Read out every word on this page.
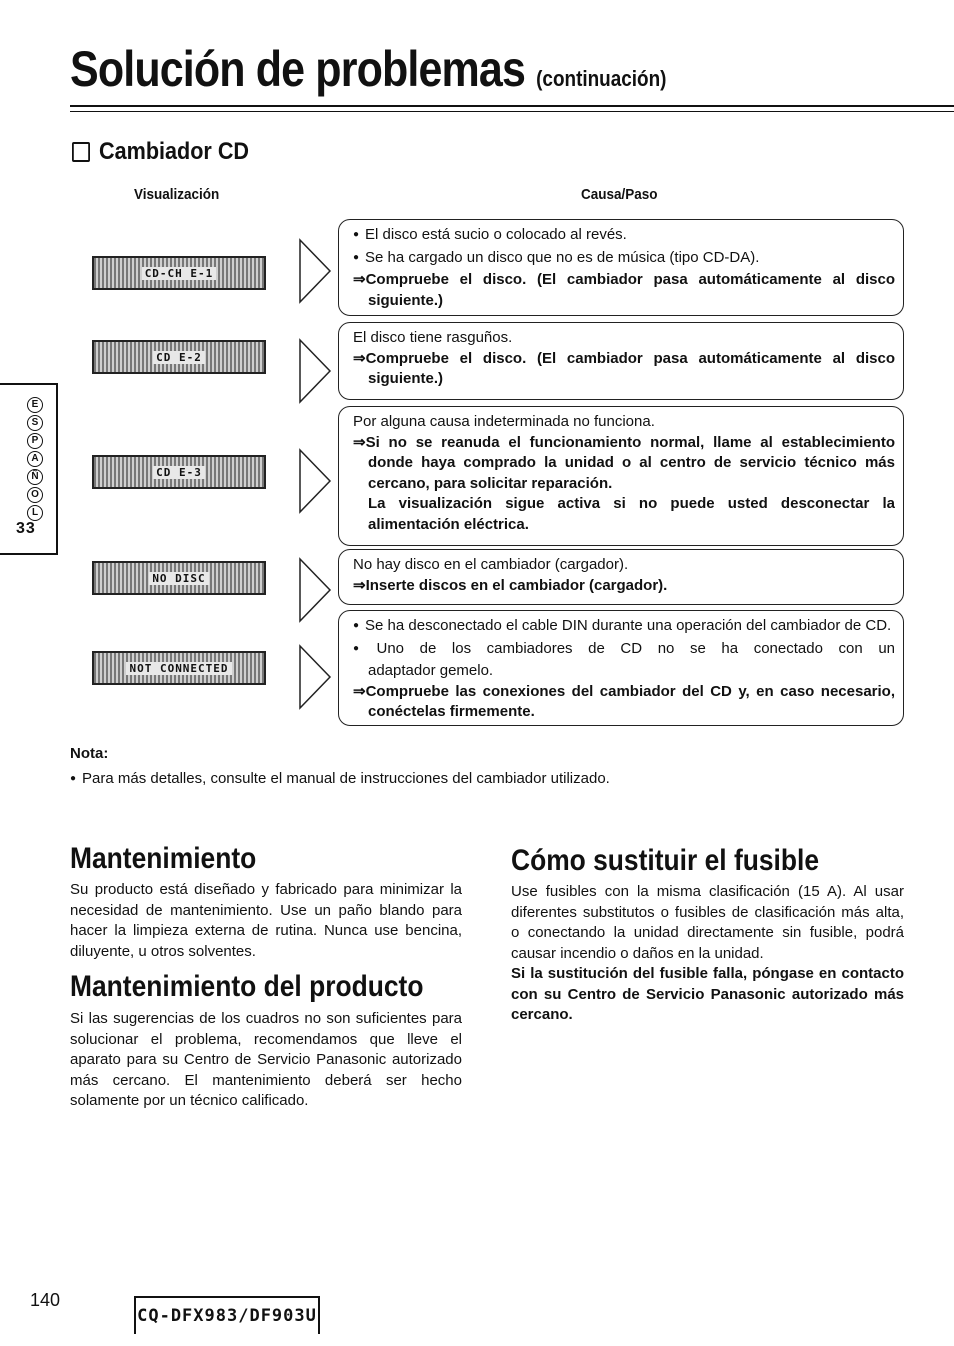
Solución de problemas (continuación)
Cambiador CD
Visualización	Causa/Paso
CD-CH E-1
● El disco está sucio o colocado al revés.
● Se ha cargado un disco que no es de música (tipo CD-DA).
⇒Compruebe el disco. (El cambiador pasa automáticamente al disco
siguiente.)
CD E-2
El disco tiene rasguños.
⇒Compruebe el disco. (El cambiador pasa automáticamente al disco
siguiente.)
CD E-3
Por alguna causa indeterminada no funciona.
⇒Si no se reanuda el funcionamiento normal, llame al establecimiento
donde haya comprado la unidad o al centro de servicio técnico más
cercano, para solicitar reparación.
La visualización sigue activa si no puede usted desconectar la
alimentación eléctrica.
NO DISC
No hay disco en el cambiador (cargador).
⇒Inserte discos en el cambiador (cargador).
NOT CONNECTED
● Se ha desconectado el cable DIN durante una operación del cambiador de CD.
● Uno de los cambiadores de CD no se ha conectado con un
adaptador gemelo.
⇒Compruebe las conexiones del cambiador del CD y, en caso necesario,
conéctelas firmemente.
E
S
P
A
Ñ
O
L
33
Nota:
● Para más detalles, consulte el manual de instrucciones del cambiador utilizado.
Mantenimiento
Su producto está diseñado y fabricado para minimizar la
necesidad de mantenimiento. Use un paño blando para
hacer la limpieza externa de rutina. Nunca use bencina,
diluyente, u otros solventes.
Mantenimiento del producto
Si las sugerencias de los cuadros no son suficientes para
solucionar el problema, recomendamos que lleve el
aparato para su Centro de Servicio Panasonic autorizado
más cercano. El mantenimiento deberá ser hecho
solamente por un técnico calificado.
Cómo sustituir el fusible
Use fusibles con la misma clasificación (15 A). Al usar
diferentes substitutos o fusibles de clasificación más alta,
o conectando la unidad directamente sin fusible, podrá
causar incendio o daños en la unidad.
Si la sustitución del fusible falla, póngase en contacto
con su Centro de Servicio Panasonic autorizado más
cercano.
140
CQ-DFX983/DF903U
